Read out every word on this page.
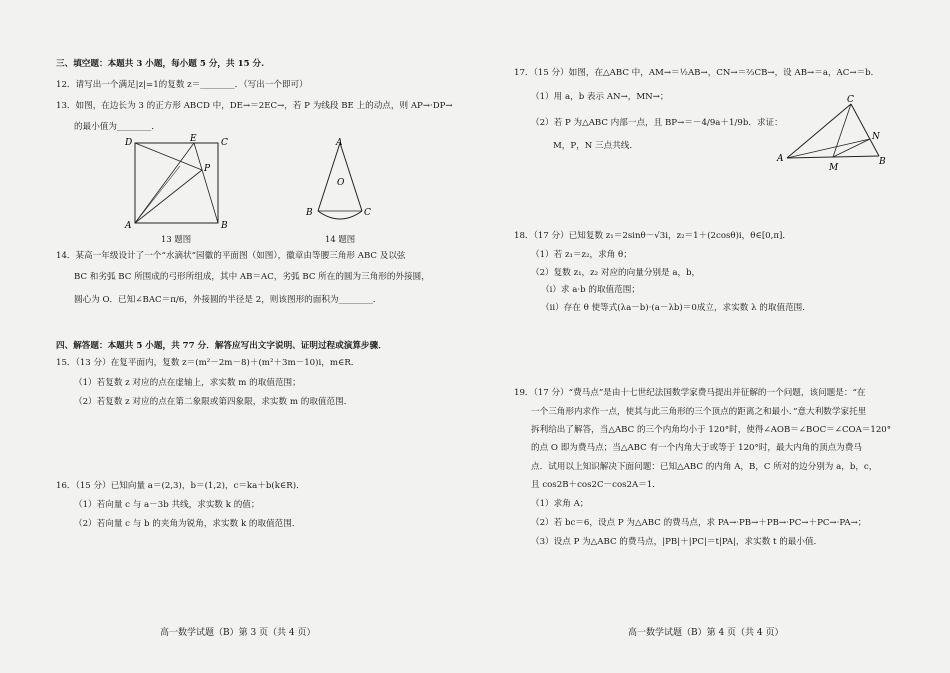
三、填空题：本题共 3 小题，每小题 5 分，共 15 分.
12．请写出一个满足|z|=1的复数 z＝________．（写出一个即可）
13．如图，在边长为 3 的正方形 ABCD 中，DE→＝2EC→，若 P 为线段 BE 上的动点，则 AP→·DP→
的最小值为________．
D	E	C
P
A	B
13 题图
A
O
B	C
14 题图
14．某高一年级设计了一个“水滴状”园徽的平面图（如图），徽章由等腰三角形 ABC 及以弦
BC 和劣弧 BC 所围成的弓形所组成，其中 AB＝AC，劣弧 BC 所在的圆为三角形的外接圆，
圆心为 O．已知∠BAC＝π/6，外接圆的半径是 2，则该图形的面积为________．
四、解答题：本题共 5 小题，共 77 分．解答应写出文字说明、证明过程或演算步骤．
15．（13 分）在复平面内，复数 z＝(m²－2m－8)＋(m²＋3m－10)i，m∈R．
（1）若复数 z 对应的点在虚轴上，求实数 m 的取值范围；
（2）若复数 z 对应的点在第二象限或第四象限，求实数 m 的取值范围．
16．（15 分）已知向量 a＝(2,3)，b＝(1,2)，c＝ka＋b(k∈R)．
（1）若向量 c 与 a－3b 共线，求实数 k 的值；
（2）若向量 c 与 b 的夹角为锐角，求实数 k 的取值范围．
高一数学试题（B）第 3 页（共 4 页）
17．（15 分）如图，在△ABC 中，AM→＝½AB→，CN→＝⅔CB→，设 AB→＝a，AC→＝b．
（1）用 a，b 表示 AN→，MN→；
（2）若 P 为△ABC 内部一点，且 BP→＝－4/9a＋1/9b．求证：
M，P，N 三点共线．
C
N
A
M
B
18．（17 分）已知复数 z₁＝2sinθ－√3i，z₂＝1＋(2cosθ)i，θ∈[0,π]．
（1）若 z₁＝z₂，求角 θ；
（2）复数 z₁，z₂ 对应的向量分别是 a，b，
（i）求 a·b 的取值范围；
（ii）存在 θ 使等式(λa－b)·(a－λb)＝0成立，求实数 λ 的取值范围．
19．（17 分）“费马点”是由十七世纪法国数学家费马提出并征解的一个问题，该问题是：“在
一个三角形内求作一点，使其与此三角形的三个顶点的距离之和最小．”意大利数学家托里
拆利给出了解答，当△ABC 的三个内角均小于 120°时，使得∠AOB＝∠BOC＝∠COA＝120°
的点 O 即为费马点；当△ABC 有一个内角大于或等于 120°时，最大内角的顶点为费马
点．试用以上知识解决下面问题：已知△ABC 的内角 A，B，C 所对的边分别为 a，b，c，
且 cos2B＋cos2C－cos2A＝1．
（1）求角 A；
（2）若 bc＝6，设点 P 为△ABC 的费马点，求 PA→·PB→＋PB→·PC→＋PC→·PA→；
（3）设点 P 为△ABC 的费马点，|PB|＋|PC|＝t|PA|，求实数 t 的最小值．
高一数学试题（B）第 4 页（共 4 页）
